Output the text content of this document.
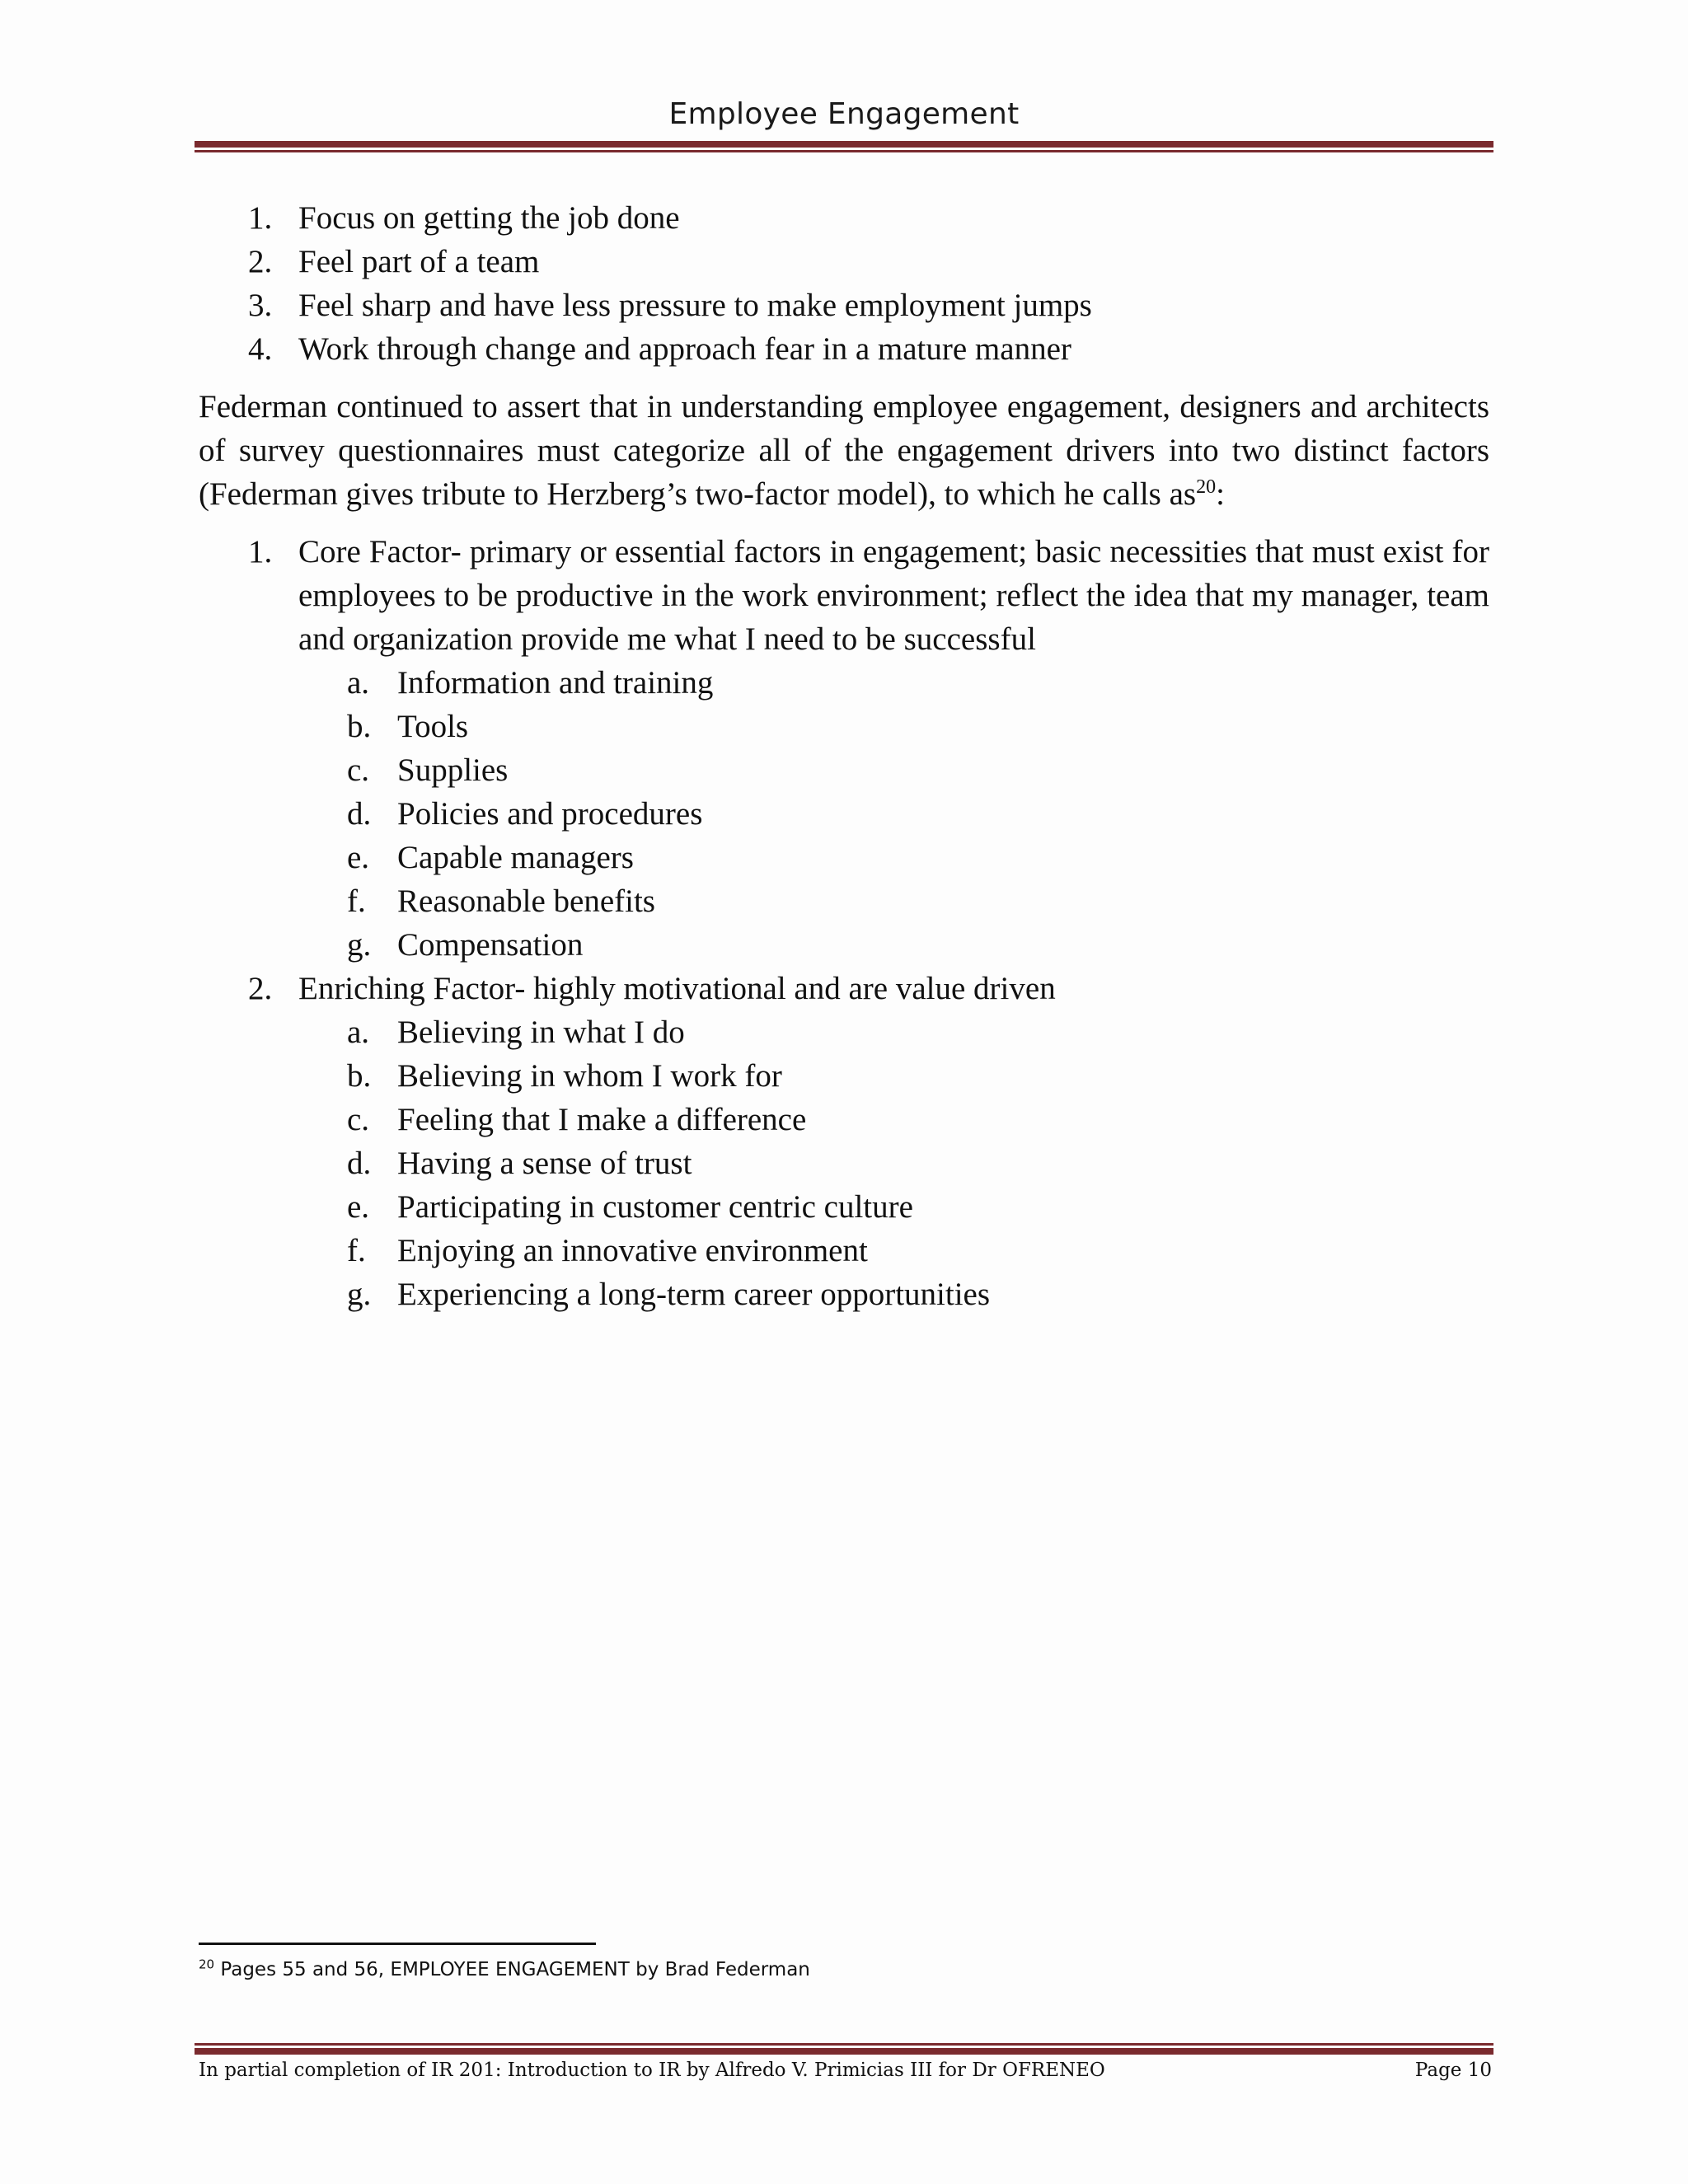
Employee Engagement
1. Focus on getting the job done
2. Feel part of a team
3. Feel sharp and have less pressure to make employment jumps
4. Work through change and approach fear in a mature manner
Federman continued to assert that in understanding employee engagement, designers and architects of survey questionnaires must categorize all of the engagement drivers into two distinct factors (Federman gives tribute to Herzberg’s two-factor model), to which he calls $as^{20}$:
1. Core Factor- primary or essential factors in engagement; basic necessities that must exist for employees to be productive in the work environment; reflect the idea that my manager, team and organization provide me what I need to be successful
a. Information and training
b. Tools
c. Supplies
d. Policies and procedures
e. Capable managers
f. Reasonable benefits
g. Compensation
2. Enriching Factor- highly motivational and are value driven
a. Believing in what I do
b. Believing in whom I work for
c. Feeling that I make a difference
d. Having a sense of trust
e. Participating in customer centric culture
f. Enjoying an innovative environment
g. Experiencing a long-term career opportunities
$^{20}$ Pages 55 and 56, EMPLOYEE ENGAGEMENT by Brad Federman
In partial completion of IR 201: Introduction to IR by Alfredo V. Primicias III for Dr OFRENEO	Page 10
